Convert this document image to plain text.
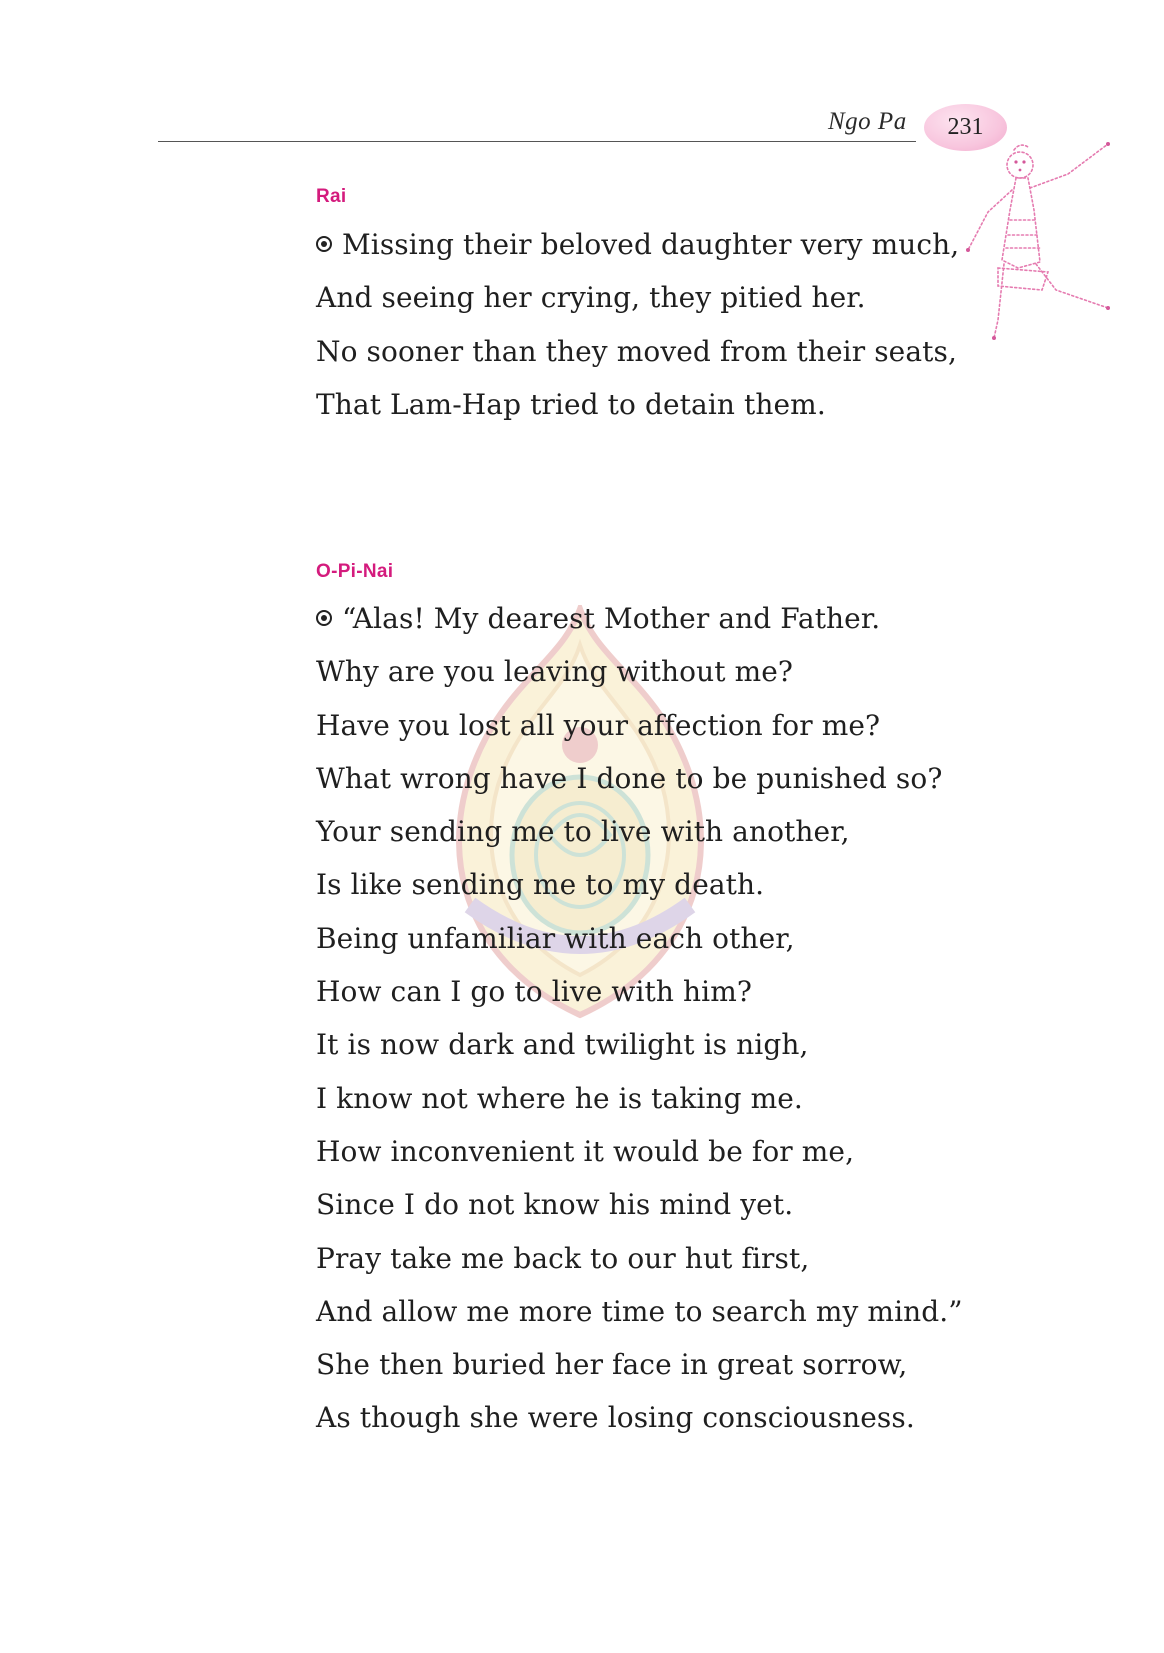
Ngo Pa 231
Rai
Missing their beloved daughter very much,
And seeing her crying, they pitied her.
No sooner than they moved from their seats,
That Lam-Hap tried to detain them.
O-Pi-Nai
“Alas! My dearest Mother and Father.
Why are you leaving without me?
Have you lost all your affection for me?
What wrong have I done to be punished so?
Your sending me to live with another,
Is like sending me to my death.
Being unfamiliar with each other,
How can I go to live with him?
It is now dark and twilight is nigh,
I know not where he is taking me.
How inconvenient it would be for me,
Since I do not know his mind yet.
Pray take me back to our hut first,
And allow me more time to search my mind.”
She then buried her face in great sorrow,
As though she were losing consciousness.
